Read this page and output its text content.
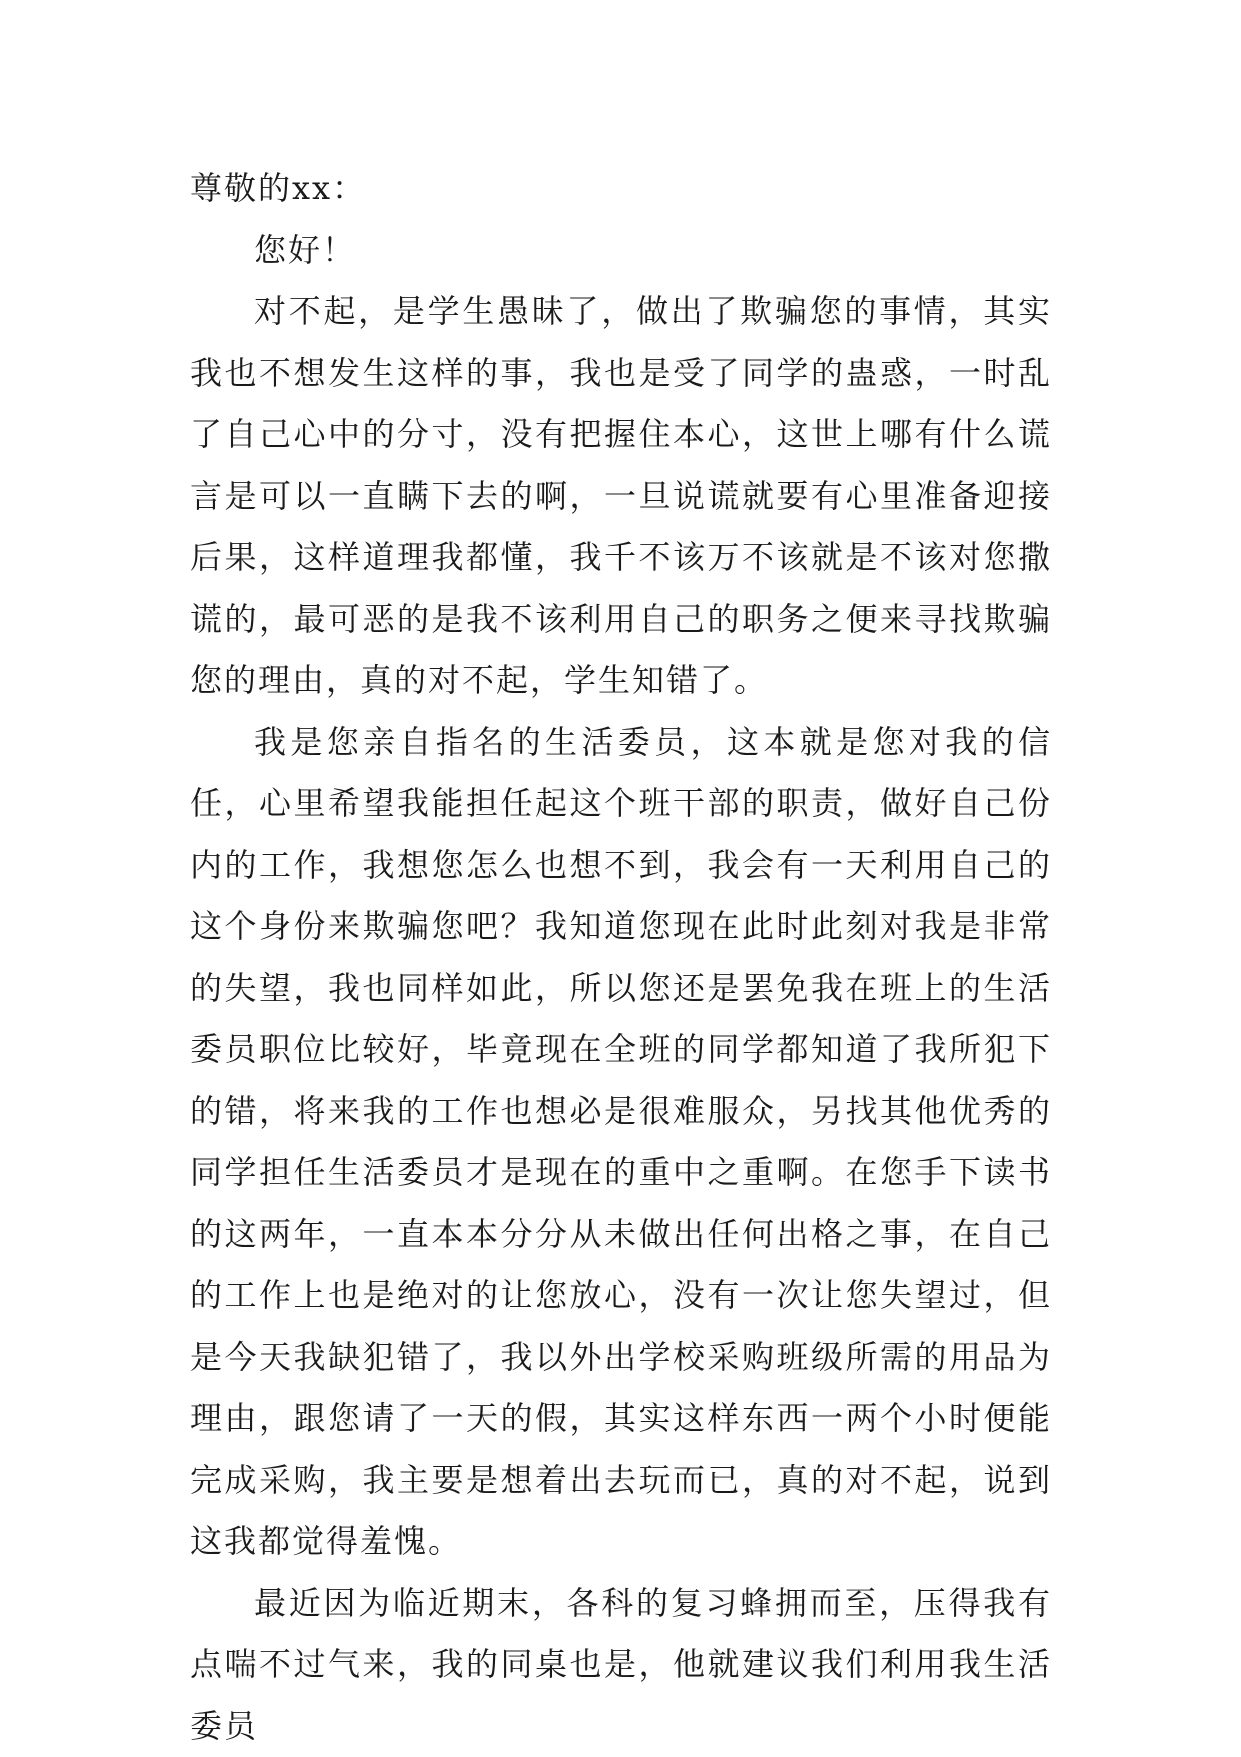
尊敬的xx：

您好！

对不起，是学生愚昧了，做出了欺骗您的事情，其实我也不想发生这样的事，我也是受了同学的蛊惑，一时乱了自己心中的分寸，没有把握住本心，这世上哪有什么谎言是可以一直瞒下去的啊，一旦说谎就要有心里准备迎接后果，这样道理我都懂，我千不该万不该就是不该对您撒谎的，最可恶的是我不该利用自己的职务之便来寻找欺骗您的理由，真的对不起，学生知错了。

我是您亲自指名的生活委员，这本就是您对我的信任，心里希望我能担任起这个班干部的职责，做好自己份内的工作，我想您怎么也想不到，我会有一天利用自己的这个身份来欺骗您吧？我知道您现在此时此刻对我是非常的失望，我也同样如此，所以您还是罢免我在班上的生活委员职位比较好，毕竟现在全班的同学都知道了我所犯下的错，将来我的工作也想必是很难服众，另找其他优秀的同学担任生活委员才是现在的重中之重啊。在您手下读书的这两年，一直本本分分从未做出任何出格之事，在自己的工作上也是绝对的让您放心，没有一次让您失望过，但是今天我缺犯错了，我以外出学校采购班级所需的用品为理由，跟您请了一天的假，其实这样东西一两个小时便能完成采购，我主要是想着出去玩而已，真的对不起，说到这我都觉得羞愧。

最近因为临近期末，各科的复习蜂拥而至，压得我有点喘不过气来，我的同桌也是，他就建议我们利用我生活委员
